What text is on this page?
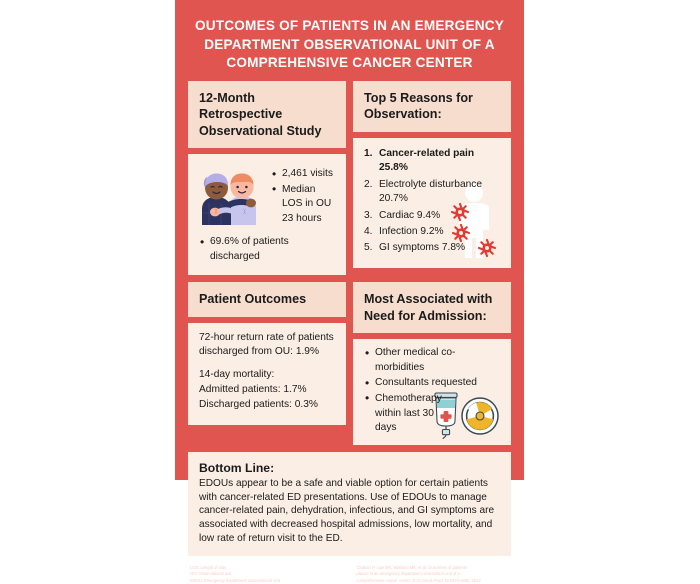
OUTCOMES OF PATIENTS IN AN EMERGENCY DEPARTMENT OBSERVATIONAL UNIT OF A COMPREHENSIVE CANCER CENTER
12-Month Retrospective Observational Study
• 2,461 visits
• Median LOS in OU 23 hours
• 69.6% of patients discharged
Top 5 Reasons for Observation:
1. Cancer-related pain 25.8%
2. Electrolyte disturbance 20.7%
3. Cardiac 9.4%
4. Infection 9.2%
5. GI symptoms 7.8%
Patient Outcomes
72-hour return rate of patients
discharged from OU: 1.9%
14-day mortality:
Admitted patients: 1.7%
Discharged patients: 0.3%
Most Associated with Need for Admission:
• Other medical co-morbidities
• Consultants requested
• Chemotherapy within last 30 days
Bottom Line:
EDOUs appear to be a safe and viable option for certain patients with cancer-related ED presentations. Use of EDOUs to manage cancer-related pain, dehydration, infectious, and GI symptoms are associated with decreased hospital admissions, low mortality, and low rate of return visit to the ED.
LOS: Length of stay
OU: Observational unit
EDOU: Emergency department observational unit
Chaftari P, Lipe DN, Wattana MK, et al: Outcomes of patients
placed in an emergency department observation unit of a
comprehensive cancer center. JCO Oncol Pract 18:e574-e585, 2022
